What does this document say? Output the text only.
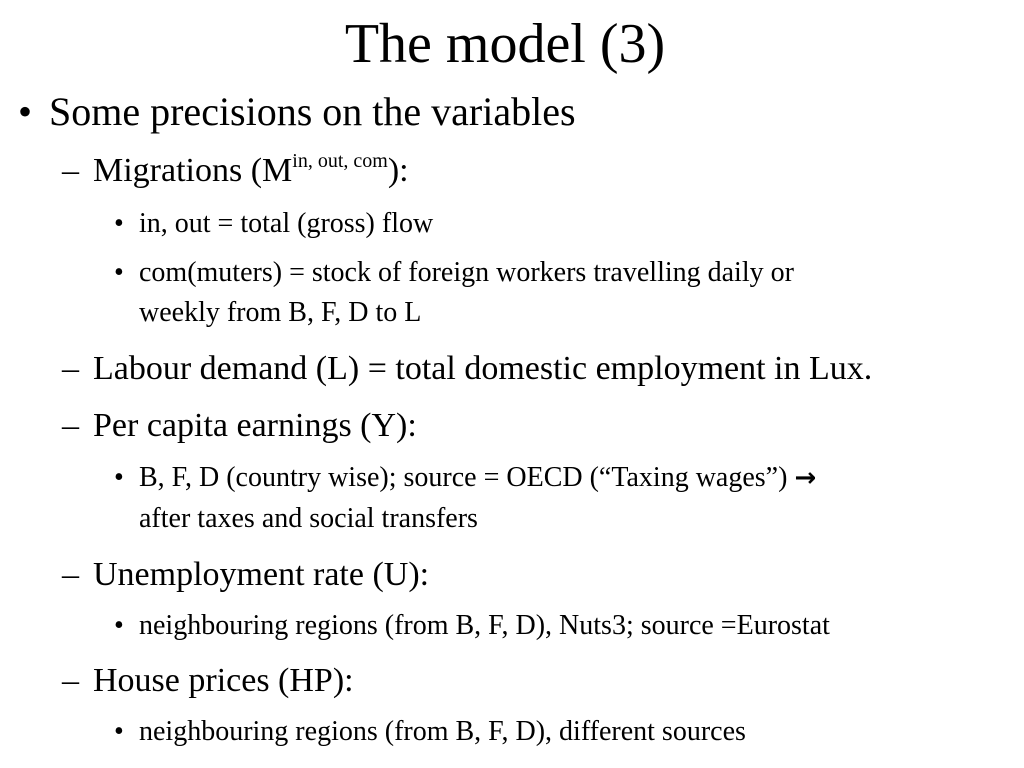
The model (3)
• Some precisions on the variables
– Migrations $(M^{in, out, com})$:
• in, out = total (gross) flow
• com(muters) = stock of foreign workers travelling daily or
weekly from B, F, D to L
– Labour demand (L) = total domestic employment in Lux.
– Per capita earnings (Y):
• B, F, D (country wise); source = OECD (“Taxing wages”) →
after taxes and social transfers
– Unemployment rate (U):
• neighbouring regions (from B, F, D), Nuts3; source =Eurostat
– House prices (HP):
• neighbouring regions (from B, F, D), different sources
